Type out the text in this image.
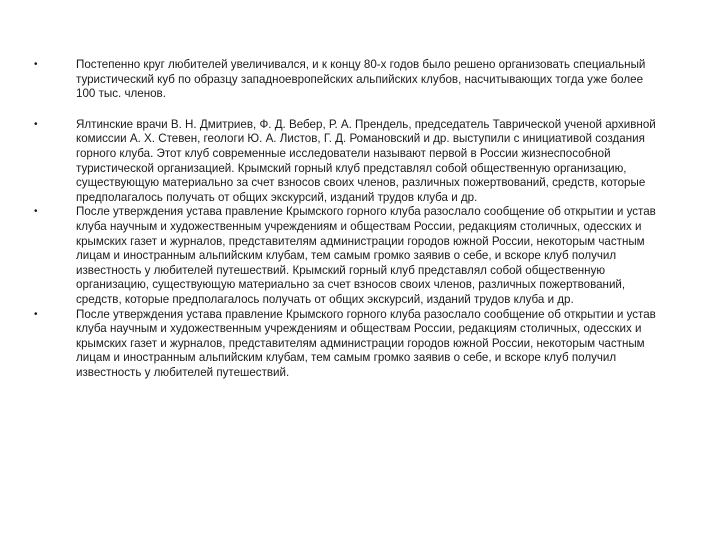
•	Постепенно круг любителей увеличивался, и к концу 80-х годов было решено организовать специальный туристический куб по образцу западноевропейских альпийских клубов, насчитывающих тогда уже более 100 тыс. членов.
•	Ялтинские врачи В. Н. Дмитриев, Ф. Д. Вебер, Р. А. Прендель, председатель Таврической ученой архивной комиссии А. Х. Стевен, геологи Ю. А. Листов, Г. Д. Романовский и др. выступили с инициативой создания горного клуба. Этот клуб современные исследователи называют первой в России жизнеспособной туристической организацией. Крымский горный клуб представлял собой общественную организацию, существующую материально за счет взносов своих членов, различных пожертвований, средств, которые предполагалось получать от общих экскурсий, изданий трудов клуба и др.
•	После утверждения устава правление Крымского горного клуба разослало сообщение об открытии и устав клуба научным и художественным учреждениям и обществам России, редакциям столичных, одесских и крымских газет и журналов, представителям администрации городов южной России, некоторым частным лицам и иностранным альпийским клубам, тем самым громко заявив о себе, и вскоре клуб получил известность у любителей путешествий. Крымский горный клуб представлял собой общественную организацию, существующую материально за счет взносов своих членов, различных пожертвований, средств, которые предполагалось получать от общих экскурсий, изданий трудов клуба и др.
•	После утверждения устава правление Крымского горного клуба разослало сообщение об открытии и устав клуба научным и художественным учреждениям и обществам России, редакциям столичных, одесских и крымских газет и журналов, представителям администрации городов южной России, некоторым частным лицам и иностранным альпийским клубам, тем самым громко заявив о себе, и вскоре клуб получил известность у любителей путешествий.
